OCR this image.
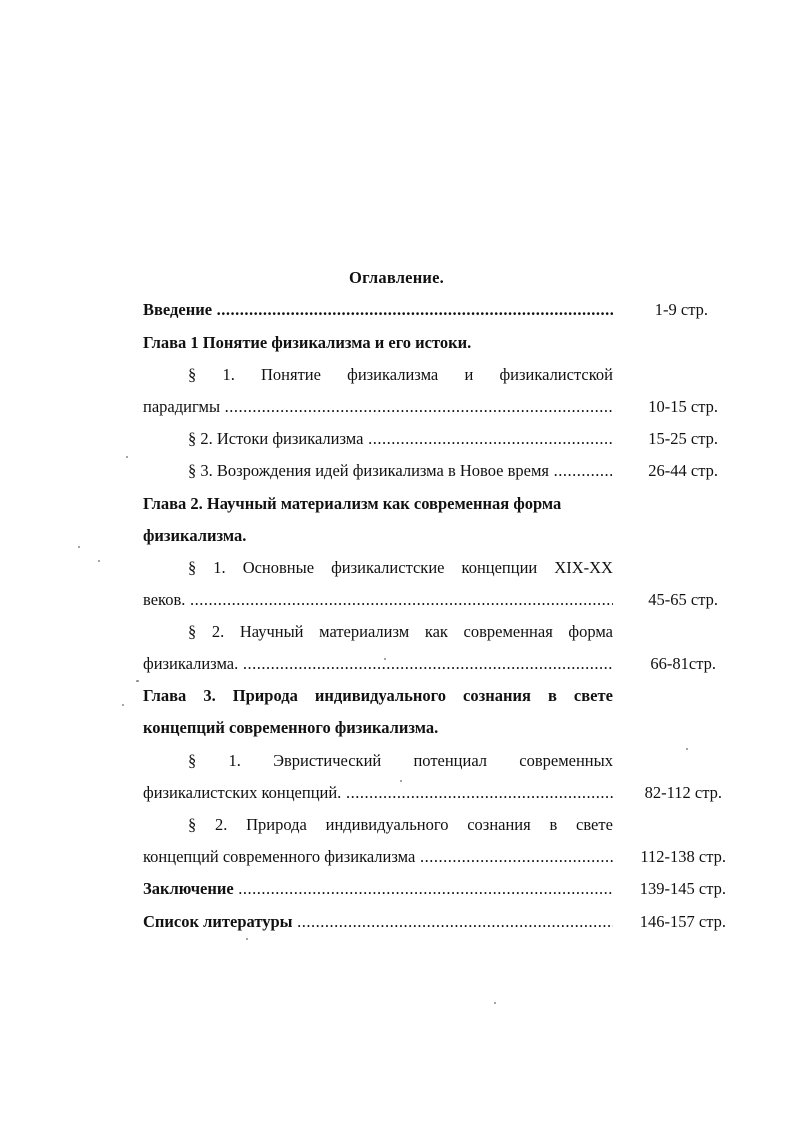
Оглавление.
Введение .....	1-9 стр.
Глава 1 Понятие физикализма и его истоки.
§ 1. Понятие физикализма и физикалистской
парадигмы .....	10-15 стр.
§ 2. Истоки физикализма .....	15-25 стр.
§ 3. Возрождения идей физикализма в Новое время .....	26-44 стр.
Глава 2. Научный материализм как современная форма
физикализма.
§ 1. Основные физикалистские концепции XIX-XX
веков. .....	45-65 стр.
§ 2. Научный материализм как современная форма
физикализма. .....	66-81стр.
Глава 3. Природа индивидуального сознания в свете
концепций современного физикализма.
§ 1. Эвристический потенциал современных
физикалистских концепций. .....	82-112 стр.
§ 2. Природа индивидуального сознания в свете
концепций современного физикализма .....	112-138 стр.
Заключение .....	139-145 стр.
Список литературы .....	146-157 стр.
